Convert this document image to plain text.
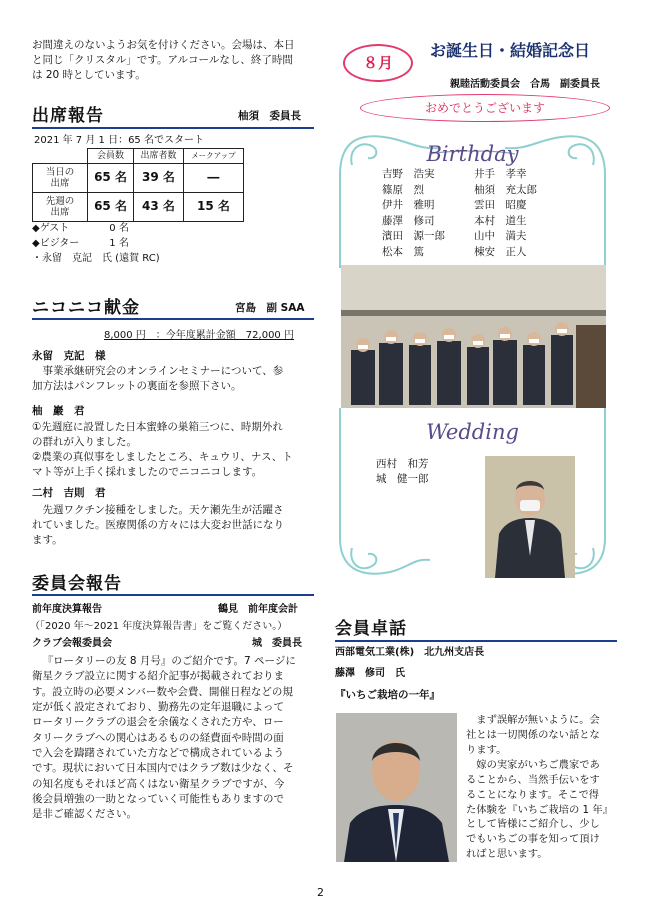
お間違えのないようお気を付けください。会場は、本日
と同じ「クリスタル」です。アルコールなし、終了時間
は 20 時としています。
出席報告	柚須　委員長
2021 年 7 月 1 日：65 名でスタート
	会員数	出席者数	メークアップ
当日の
出席	65 名	39 名	―
先週の
出席	65 名	43 名	15 名
◆ゲスト　　　　0 名
◆ビジター　　　1 名
・永留　克記　氏 (遠賀 RC)
ニコニコ献金	宮島　副 SAA
8,000 円　：今年度累計金額　72,000 円
永留　克記　様

事業承継研究会のオンラインセミナーについて、参

加方法はパンフレットの裏面を参照下さい。
柚　巖　君
①先週庭に設置した日本蜜蜂の巣箱三つに、時期外れ
の群れが入りました。
②農業の真似事をしましたところ、キュウリ、ナス、ト
マト等が上手く採れましたのでニコニコします。
二村　吉則　君

先週ワクチン接種をしました。天ケ瀬先生が活躍さ

れていました。医療関係の方々には大変お世話になり
ます。
委員会報告
前年度決算報告	鶴見　前年度会計
（「2020 年～2021 年度決算報告書」をご覧ください。）
クラブ会報委員会	城　委員長

『ロータリーの友 8 月号』のご紹介です。7 ページに

衛星クラブ設立に関する紹介記事が掲載されておりま
す。設立時の必要メンバー数や会費、開催日程などの規
定が低く設定されており、勤務先の定年退職によって
ロータリークラブの退会を余儀なくされた方や、ロー
タリークラブへの関心はあるものの経費面や時間の面
で入会を躊躇されていた方などで構成されているよう
です。現状において日本国内ではクラブ数は少なく、そ
の知名度もそれほど高くはない衛星クラブですが、今
後会員増強の一助となっていく可能性もありますので
是非ご確認ください。
８月
お誕生日・結婚記念日
親睦活動委員会　合馬　副委員長
おめでとうございます
Birthday
吉野　浩実	井手　孝幸
篠原　烈	柚須　充太郎
伊井　雅明	雲田　昭慶
藤澤　修司	本村　道生
濱田　源一郎	山中　満夫
松本　篤	棟安　正人
Wedding
西村　和芳
城　健一郎
会員卓話
西部電気工業(株)　北九州支店長
藤澤　修司　氏
『いちご栽培の一年』

まず誤解が無いように。会

社とは一切関係のない話とな
ります。

嫁の実家がいちご農家であ

ることから、当然手伝いをす
ることになります。そこで得
た体験を『いちご栽培の 1 年』
として皆様にご紹介し、少し
でもいちごの事を知って頂け
ればと思います。
2
